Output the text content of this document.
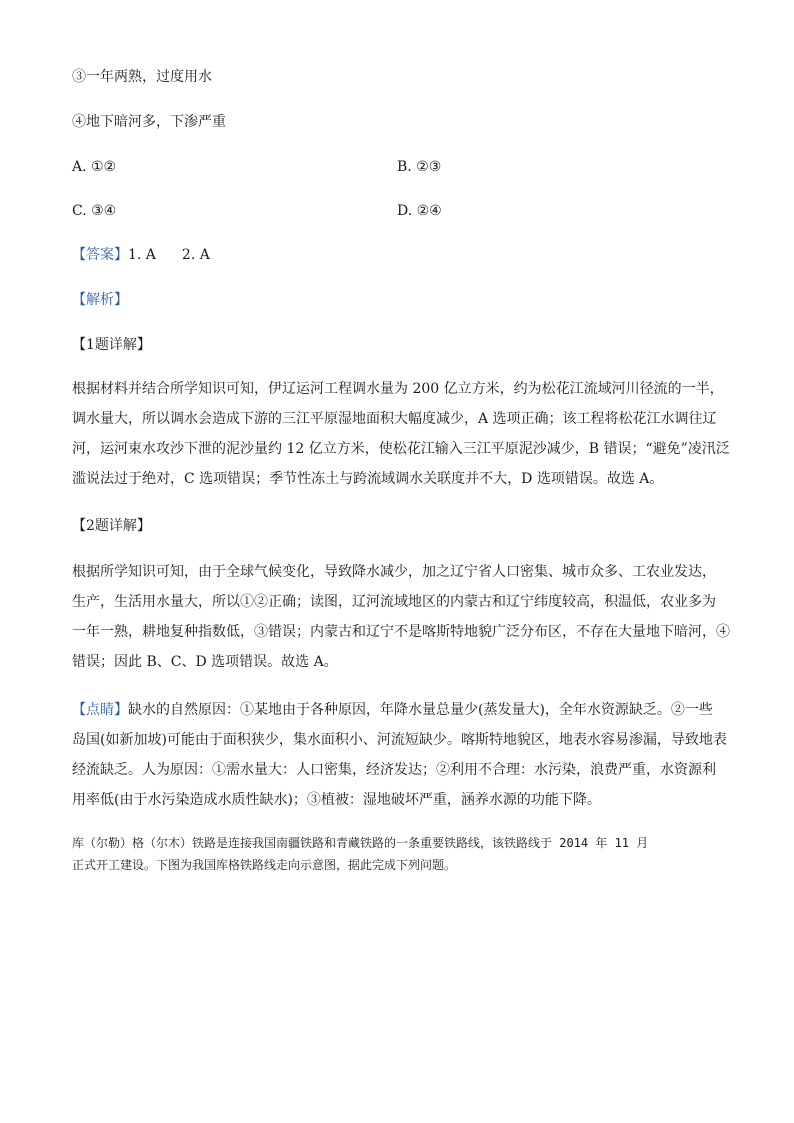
③一年两熟，过度用水
④地下暗河多，下渗严重
A. ①②	B. ②③
C. ③④	D. ②④
【答案】1. A 2. A
【解析】
【1题详解】
根据材料并结合所学知识可知，伊辽运河工程调水量为 200 亿立方米，约为松花江流域河川径流的一半，
调水量大，所以调水会造成下游的三江平原湿地面积大幅度减少，A 选项正确；该工程将松花江水调往辽
河，运河束水攻沙下泄的泥沙量约 12 亿立方米，使松花江输入三江平原泥沙减少，B 错误；“避免”凌汛泛
滥说法过于绝对，C 选项错误；季节性冻土与跨流域调水关联度并不大，D 选项错误。故选 A。
【2题详解】
根据所学知识可知，由于全球气候变化，导致降水减少，加之辽宁省人口密集、城市众多、工农业发达，
生产，生活用水量大，所以①②正确；读图，辽河流域地区的内蒙古和辽宁纬度较高，积温低，农业多为
一年一熟，耕地复种指数低，③错误；内蒙古和辽宁不是喀斯特地貌广泛分布区，不存在大量地下暗河，④
错误；因此 B、C、D 选项错误。故选 A。
【点睛】缺水的自然原因：①某地由于各种原因，年降水量总量少(蒸发量大)，全年水资源缺乏。②一些
岛国(如新加坡)可能由于面积狭少，集水面积小、河流短缺少。喀斯特地貌区，地表水容易渗漏，导致地表
经流缺乏。人为原因：①需水量大：人口密集，经济发达；②利用不合理：水污染，浪费严重，水资源利
用率低(由于水污染造成水质性缺水)；③植被：湿地破坏严重，涵养水源的功能下降。
库（尔勒）格（尔木）铁路是连接我国南疆铁路和青藏铁路的一条重要铁路线，该铁路线于 2014 年 11 月
正式开工建设。下图为我国库格铁路线走向示意图，据此完成下列问题。
